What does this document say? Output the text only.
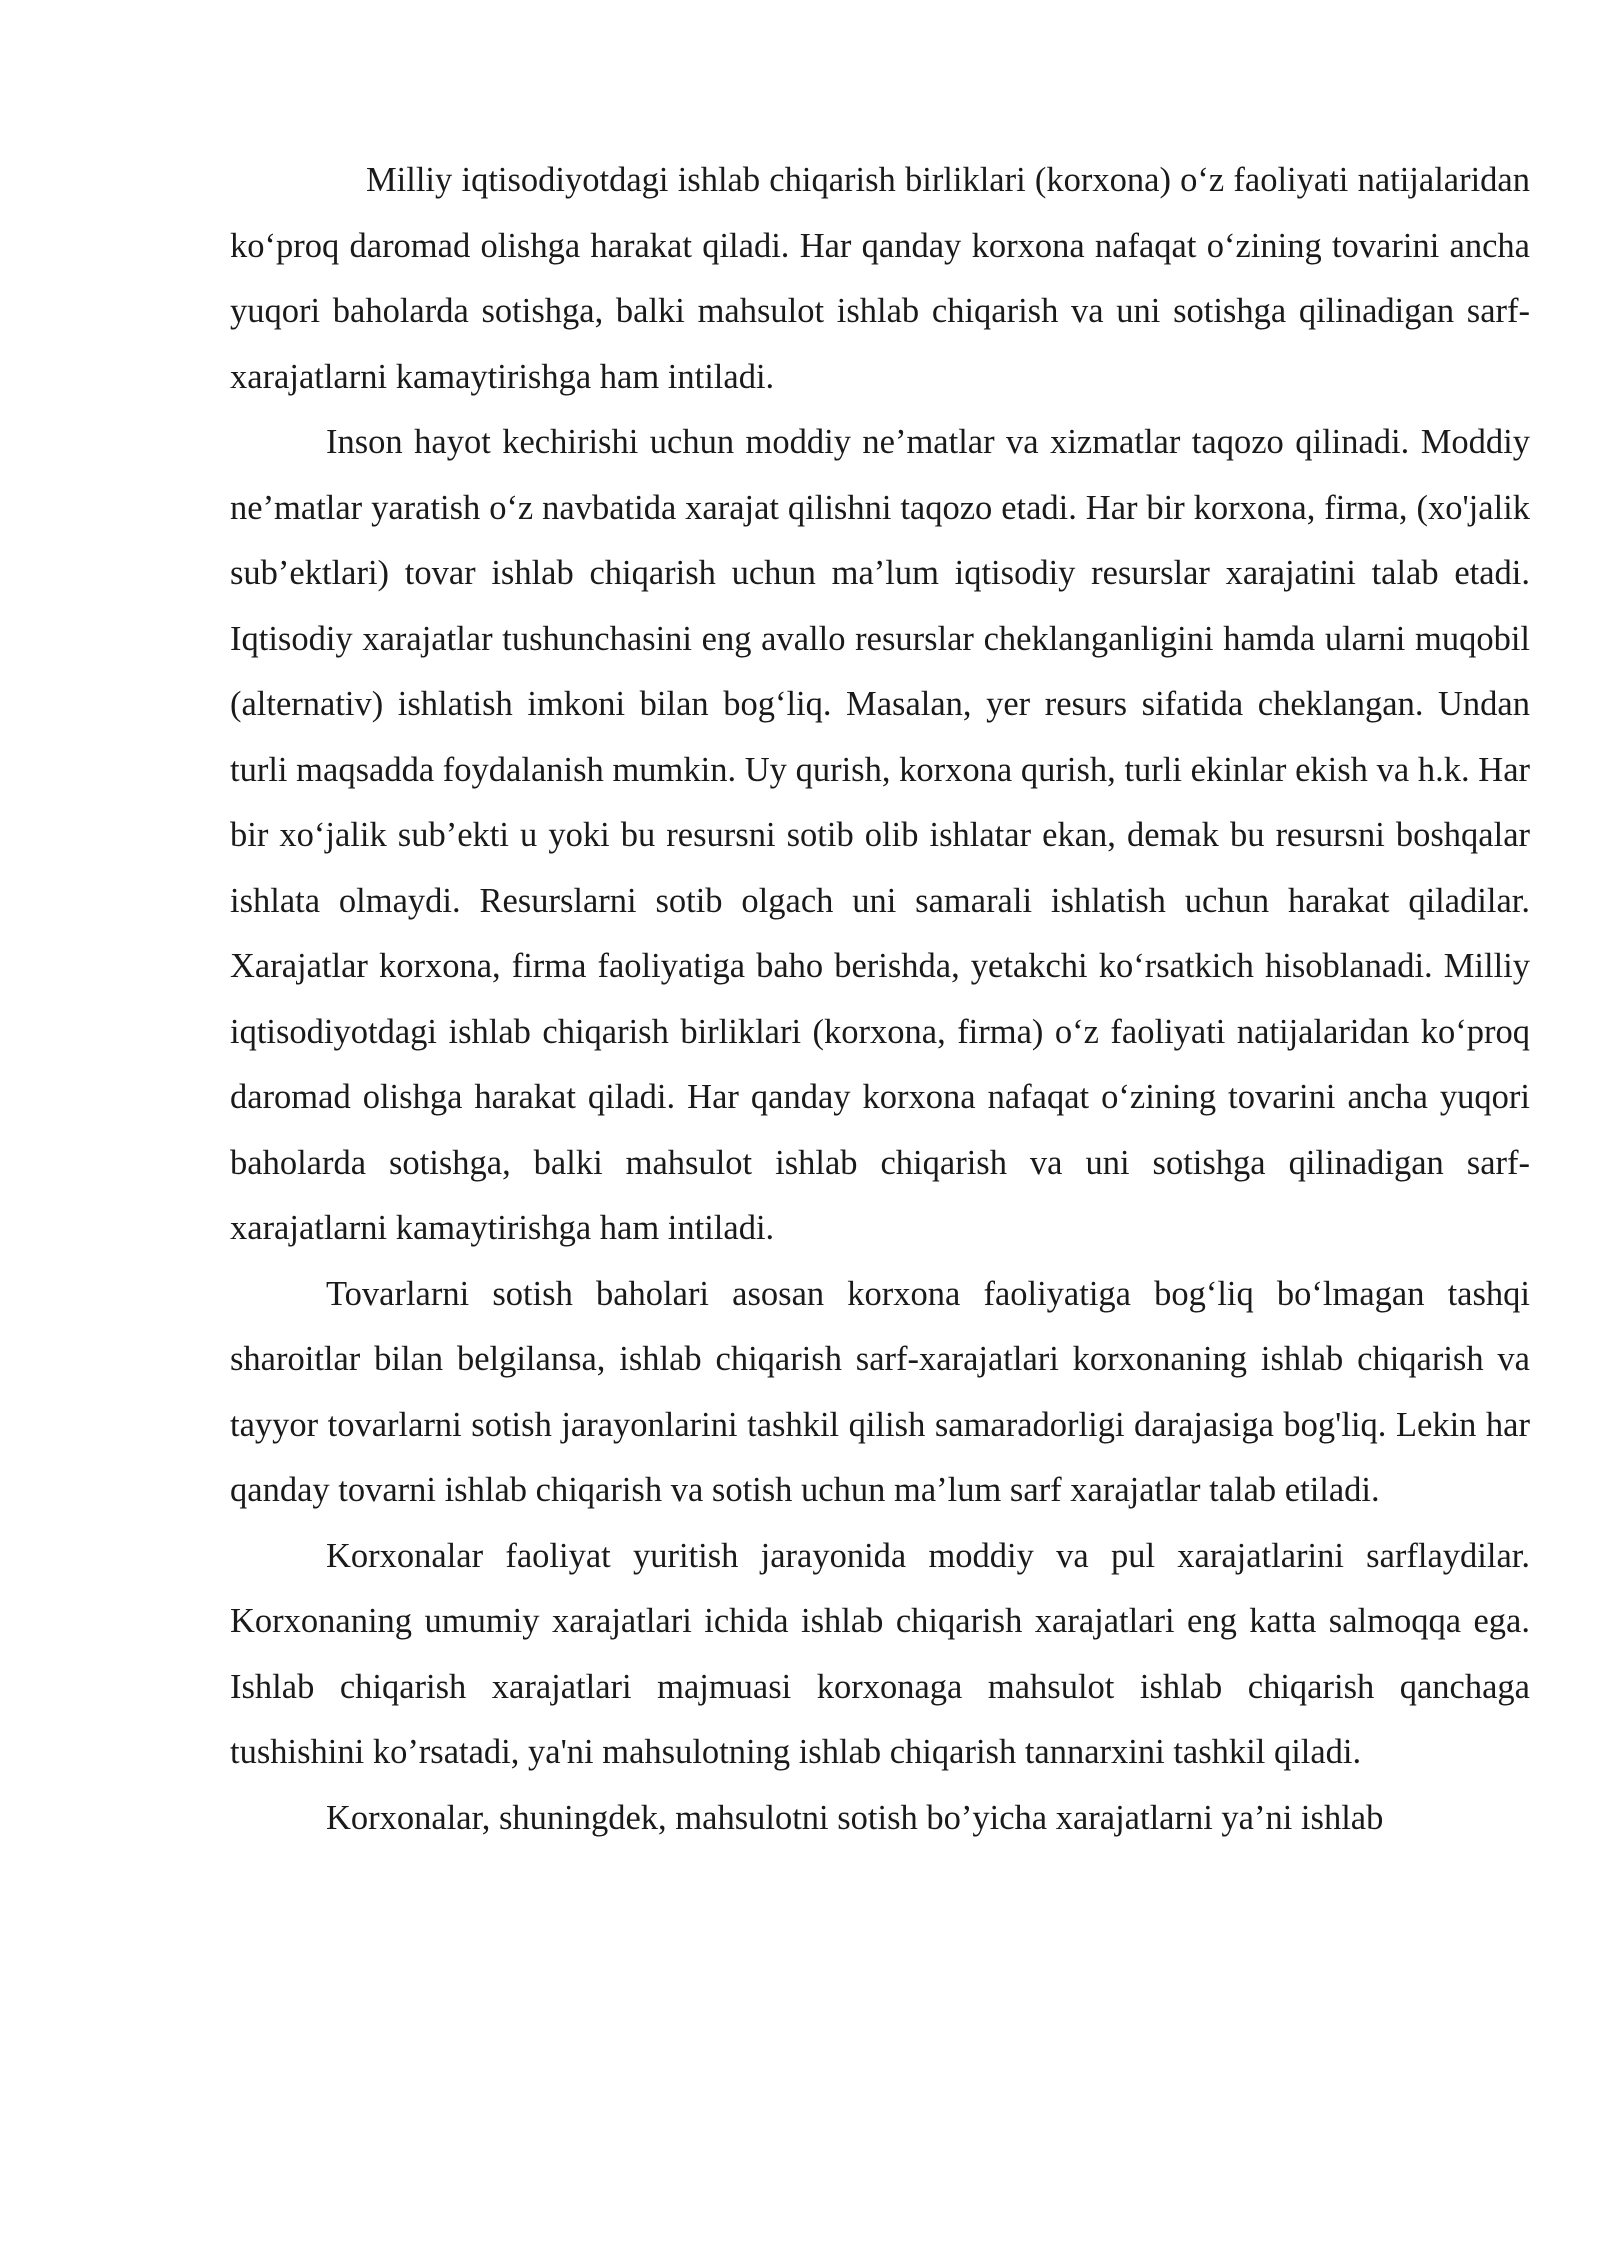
Milliy iqtisodiyotdagi ishlab chiqarish birliklari (korxona) o‘z faoliyati natijalaridan ko‘proq daromad olishga harakat qiladi. Har qanday korxona nafaqat o‘zining tovarini ancha yuqori baholarda sotishga, balki mahsulot ishlab chiqarish va uni sotishga qilinadigan sarf-xarajatlarni kamaytirishga ham intiladi.

Inson hayot kechirishi uchun moddiy ne’matlar va xizmatlar taqozo qilinadi. Moddiy ne’matlar yaratish o‘z navbatida xarajat qilishni taqozo etadi. Har bir korxona, firma, (xo'jalik sub’ektlari) tovar ishlab chiqarish uchun ma’lum iqtisodiy resurslar xarajatini talab etadi. Iqtisodiy xarajatlar tushunchasini eng avallo resurslar cheklanganligini hamda ularni muqobil (alternativ) ishlatish imkoni bilan bog‘liq. Masalan, yer resurs sifatida cheklangan. Undan turli maqsadda foydalanish mumkin. Uy qurish, korxona qurish, turli ekinlar ekish va h.k. Har bir xo‘jalik sub’ekti u yoki bu resursni sotib olib ishlatar ekan, demak bu resursni boshqalar ishlata olmaydi. Resurslarni sotib olgach uni samarali ishlatish uchun harakat qiladilar. Xarajatlar korxona, firma faoliyatiga baho berishda, yetakchi ko‘rsatkich hisoblanadi. Milliy iqtisodiyotdagi ishlab chiqarish birliklari (korxona, firma) o‘z faoliyati natijalaridan ko‘proq daromad olishga harakat qiladi. Har qanday korxona nafaqat o‘zining tovarini ancha yuqori baholarda sotishga, balki mahsulot ishlab chiqarish va uni sotishga qilinadigan sarf-xarajatlarni kamaytirishga ham intiladi.

Tovarlarni sotish baholari asosan korxona faoliyatiga bog‘liq bo‘lmagan tashqi sharoitlar bilan belgilansa, ishlab chiqarish sarf-xarajatlari korxonaning ishlab chiqarish va tayyor tovarlarni sotish jarayonlarini tashkil qilish samaradorligi darajasiga bog'liq. Lekin har qanday tovarni ishlab chiqarish va sotish uchun ma’lum sarf xarajatlar talab etiladi.

Korxonalar faoliyat yuritish jarayonida moddiy va pul xarajatlarini sarflaydilar. Korxonaning umumiy xarajatlari ichida ishlab chiqarish xarajatlari eng katta salmoqqa ega. Ishlab chiqarish xarajatlari majmuasi korxonaga mahsulot ishlab chiqarish qanchaga tushishini ko’rsatadi, ya'ni mahsulotning ishlab chiqarish tannarxini tashkil qiladi.

Korxonalar, shuningdek, mahsulotni sotish bo’yicha xarajatlarni ya’ni ishlab
